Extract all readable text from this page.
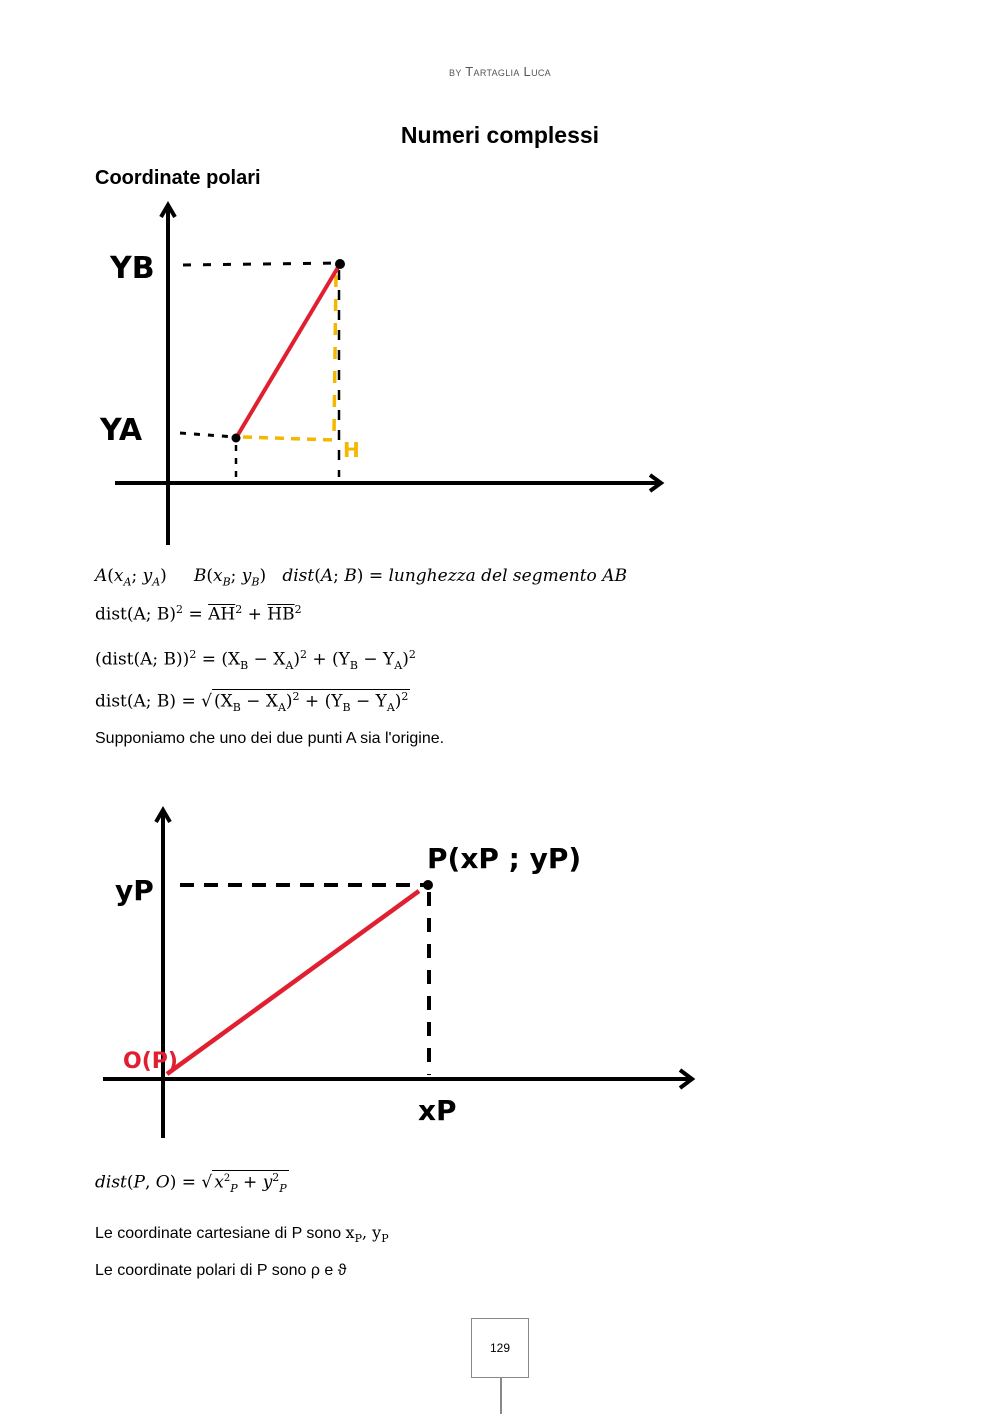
by Tartaglia Luca
Numeri complessi
Coordinate polari
YB
YA
H
$A(x_A$; $y_A$)     $B(x_B$; $y_B$)   dist(A; B) = lunghezza del segmento AB
dist(A; $B)^2 = \overline{AH}^2 + \overline{HB}^2$
(dist(A; $B))^2 = (X_B - X_A)^2 + (Y_B - Y_A)^2$
dist(A; B) = √ $(X_B - X_A)^2 + (Y_B - Y_A)^2$
Supponiamo che uno dei due punti A sia l'origine.
yP
xP
P(xP ; yP)
O(P)
dist(P, O) = √ $x^2_P + y^2_P$
Le coordinate cartesiane di P sono $x_P$, $y_P$
Le coordinate polari di P sono ρ e ϑ
129
